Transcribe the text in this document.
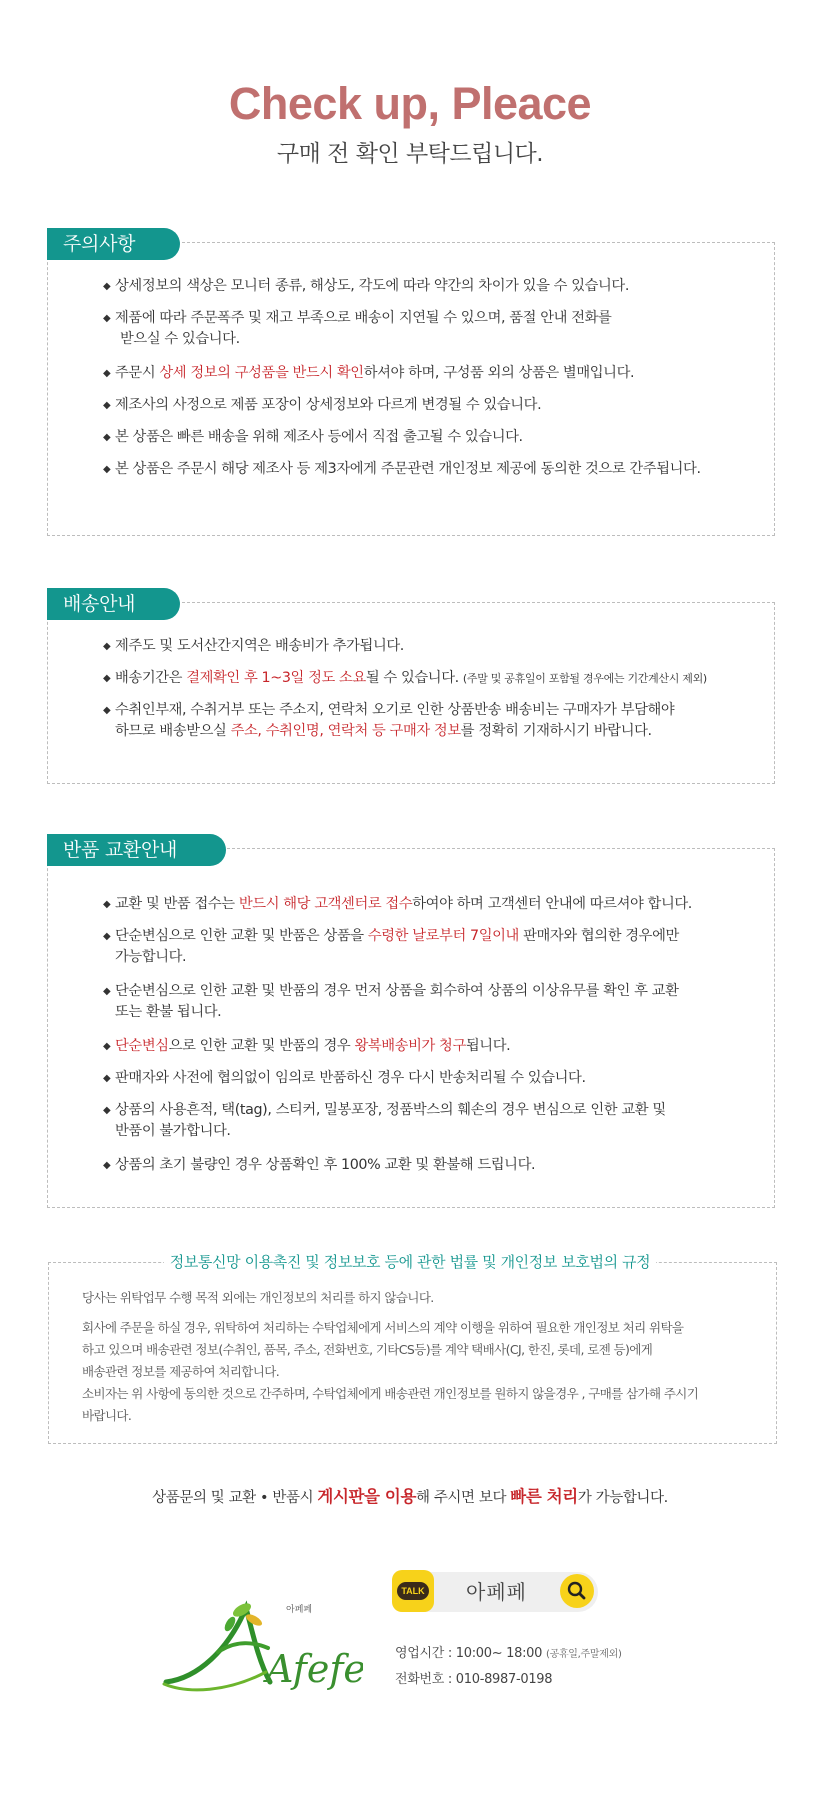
Check up, Pleace
구매 전 확인 부탁드립니다.
주의사항
◆ 상세정보의 색상은 모니터 종류, 해상도, 각도에 따라 약간의 차이가 있을 수 있습니다.
◆ 제품에 따라 주문폭주 및 재고 부족으로 배송이 지연될 수 있으며, 품절 안내 전화를
받으실 수 있습니다.
◆ 주문시 상세 정보의 구성품을 반드시 확인하셔야 하며, 구성품 외의 상품은 별매입니다.
◆ 제조사의 사정으로 제품 포장이 상세정보와 다르게 변경될 수 있습니다.
◆ 본 상품은 빠른 배송을 위해 제조사 등에서 직접 출고될 수 있습니다.
◆ 본 상품은 주문시 해당 제조사 등 제3자에게 주문관련 개인정보 제공에 동의한 것으로 간주됩니다.
배송안내
◆ 제주도 및 도서산간지역은 배송비가 추가됩니다.
◆ 배송기간은 결제확인 후 1~3일 정도 소요될 수 있습니다. (주말 및 공휴일이 포함될 경우에는 기간계산시 제외)
◆ 수취인부재, 수취거부 또는 주소지, 연락처 오기로 인한 상품반송 배송비는 구매자가 부담해야
하므로 배송받으실 주소, 수취인명, 연락처 등 구매자 정보를 정확히 기재하시기 바랍니다.
반품 교환안내
◆ 교환 및 반품 접수는 반드시 해당 고객센터로 접수하여야 하며 고객센터 안내에 따르셔야 합니다.
◆ 단순변심으로 인한 교환 및 반품은 상품을 수령한 날로부터 7일이내 판매자와 협의한 경우에만
가능합니다.
◆ 단순변심으로 인한 교환 및 반품의 경우 먼저 상품을 회수하여 상품의 이상유무를 확인 후 교환
또는 환불 됩니다.
◆ 단순변심으로 인한 교환 및 반품의 경우 왕복배송비가 청구됩니다.
◆ 판매자와 사전에 협의없이 임의로 반품하신 경우 다시 반송처리될 수 있습니다.
◆ 상품의 사용흔적, 택(tag), 스티커, 밀봉포장, 정품박스의 훼손의 경우 변심으로 인한 교환 및
반품이 불가합니다.
◆ 상품의 초기 불량인 경우 상품확인 후 100% 교환 및 환불해 드립니다.
정보통신망 이용촉진 및 정보보호 등에 관한 법률 및 개인정보 보호법의 규정
당사는 위탁업무 수행 목적 외에는 개인정보의 처리를 하지 않습니다.
회사에 주문을 하실 경우, 위탁하여 처리하는 수탁업체에게 서비스의 계약 이행을 위하여 필요한 개인정보 처리 위탁을
하고 있으며 배송관련 정보(수취인, 품목, 주소, 전화번호, 기타CS등)를 계약 택배사(CJ, 한진, 롯데, 로젠 등)에게
배송관련 정보를 제공하여 처리합니다.
소비자는 위 사항에 동의한 것으로 간주하며, 수탁업체에게 배송관련 개인정보를 원하지 않을경우 , 구매를 삼가해 주시기
바랍니다.
상품문의 및 교환 • 반품시 게시판을 이용해 주시면 보다 빠른 처리가 가능합니다.
Afefe
아페페
TALK 아페페
영업시간 : 10:00~ 18:00 (공휴일,주말제외)
전화번호 : 010-8987-0198
